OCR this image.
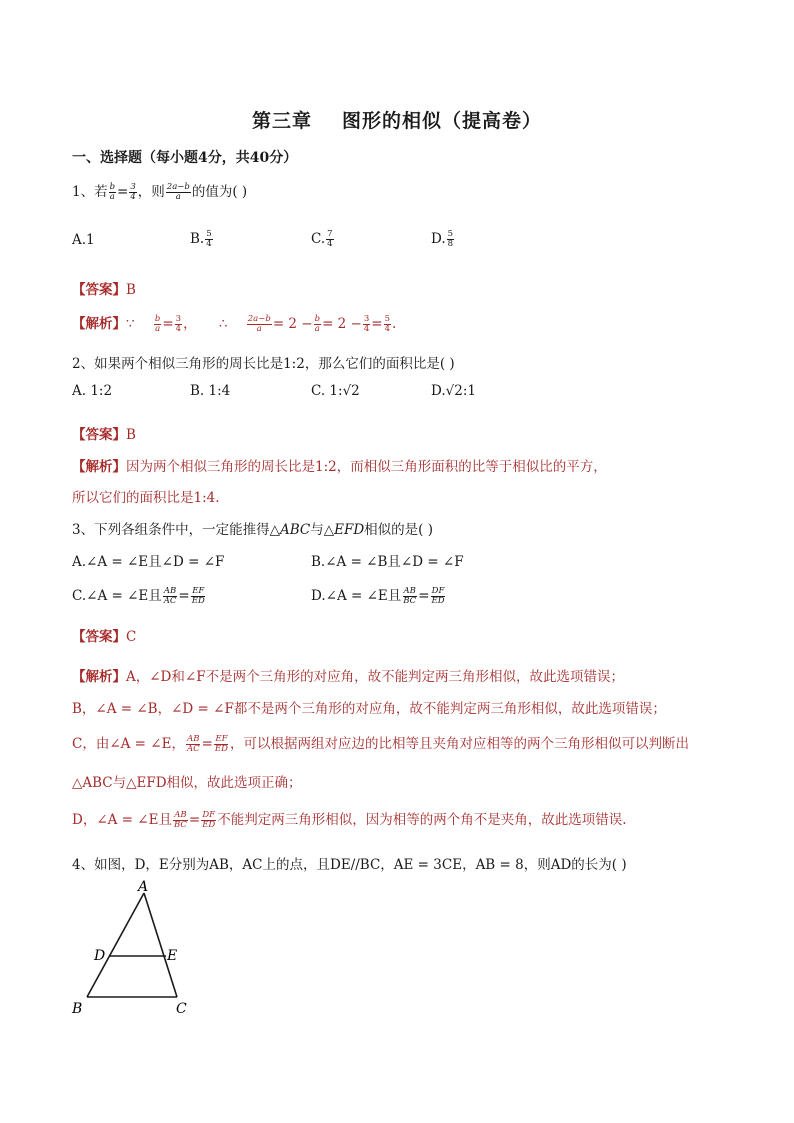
第三章 图形的相似（提高卷）
一、选择题（每小题4分，共40分）
1、若 $\frac{b}{a} = \frac{3}{4}$ ，则 $\frac{2a-b}{a}$ 的值为( )
A.1	B. $\frac{5}{4}$	C. $\frac{7}{4}$	D. $\frac{5}{8}$
【答案】B
【解析】∵ $\frac{b}{a} = \frac{3}{4}$ ， ∴ $\frac{2a-b}{a} = 2 - \frac{b}{a} = 2 - \frac{3}{4} = \frac{5}{4}$ .
2、如果两个相似三角形的周长比是1:2，那么它们的面积比是( )
A. 1:2	B. 1:4	C. 1:√2	D.√2:1
【答案】B
【解析】因为两个相似三角形的周长比是1:2，而相似三角形面积的比等于相似比的平方，
所以它们的面积比是1:4.
3、下列各组条件中，一定能推得△ABC与△EFD相似的是( )
A.∠A = ∠E且∠D = ∠F	B.∠A = ∠B且∠D = ∠F
C.∠A = ∠E且 $\frac{AB}{AC} = \frac{EF}{ED}$	D.∠A = ∠E且 $\frac{AB}{BC} = \frac{DF}{ED}$
【答案】C
【解析】A，∠D和∠F不是两个三角形的对应角，故不能判定两三角形相似，故此选项错误；
B，∠A = ∠B，∠D = ∠F都不是两个三角形的对应角，故不能判定两三角形相似，故此选项错误；
C，由∠A = ∠E， $\frac{AB}{AC} = \frac{EF}{ED}$ ，可以根据两组对应边的比相等且夹角对应相等的两个三角形相似可以判断出
△ABC与△EFD相似，故此选项正确；
D，∠A = ∠E且 $\frac{AB}{BC} = \frac{DF}{ED}$ 不能判定两三角形相似，因为相等的两个角不是夹角，故此选项错误.
4、如图，D，E分别为AB，AC上的点，且DE//BC，AE = 3CE，AB = 8，则AD的长为( )
A
D	E
B	C
